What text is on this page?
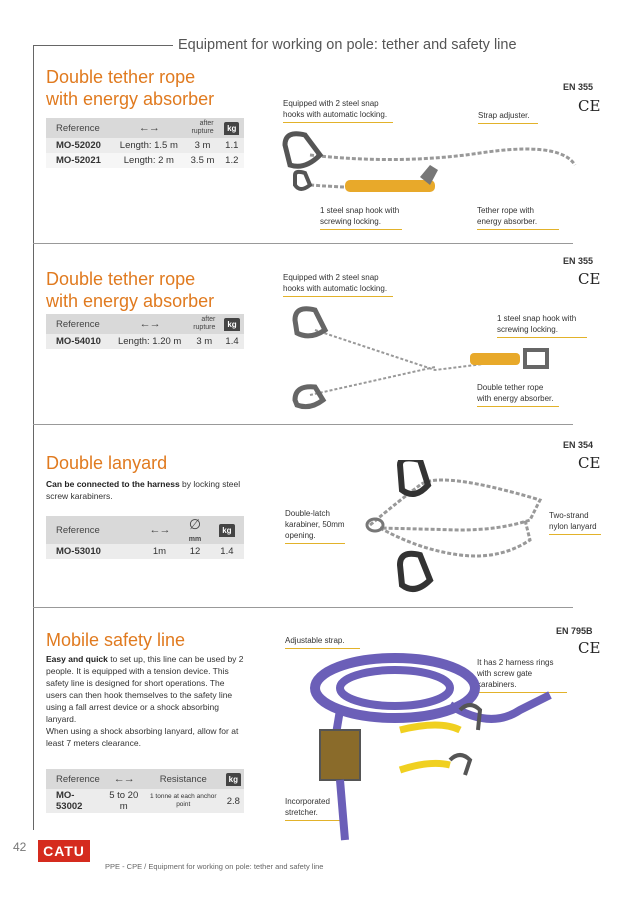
Equipment for working on pole: tether and safety line
Double tether rope
with energy absorber
Reference	←→	after
rupture	kg
MO-52020	Length: 1.5 m	3 m	1.1
MO-52021	Length: 2 m	3.5 m	1.2
EN 355
CE
Equipped with 2 steel snap hooks with automatic locking.	Strap adjuster.
1 steel snap hook with screwing locking.
Tether rope with energy absorber.
Double tether rope
with energy absorber
Reference	←→	after
rupture	kg
MO-54010	Length: 1.20 m	3 m	1.4
EN 355
CE
Equipped with 2 steel snap hooks with automatic locking.
1 steel snap hook with screwing locking.
Double tether rope with energy absorber.
Double lanyard
Can be connected to the harness by locking steel screw karabiners.
Reference	←→	∅
mm	kg
MO-53010	1m	12	1.4
EN 354
CE
Double-latch karabiner, 50mm opening.
Two-strand nylon lanyard
Mobile safety line
Easy and quick to set up, this line can be used by 2 people. It is equipped with a tension device. This safety line is designed for short operations. The users can then hook themselves to the safety line using a fall arrest device or a shock absorbing lanyard.
When using a shock absorbing lanyard, allow for at least 7 meters clearance.
Reference	←→	Resistance	kg
MO-53002	5 to 20 m	1 tonne at each anchor point	2.8
EN 795B
CE
Adjustable strap.
It has 2 harness rings with screw gate karabiners.
Incorporated stretcher.
42	CATU
PPE - CPE / Equipment for working on pole: tether and safety line
